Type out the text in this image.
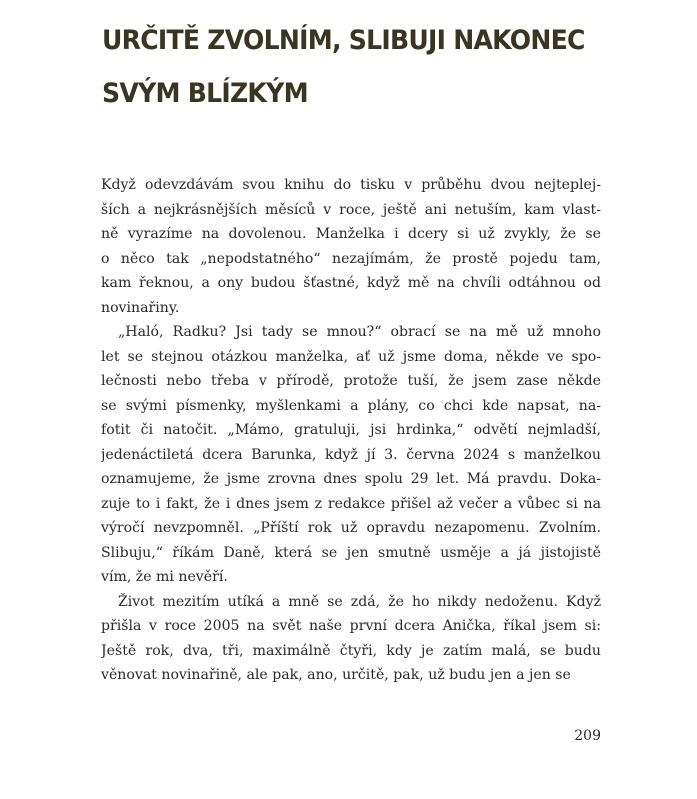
URČITĚ ZVOLNÍM, SLIBUJI NAKONEC
SVÝM BLÍZKÝM
Když odevzdávám svou knihu do tisku v průběhu dvou nejteplej-
ších a nejkrásnějších měsíců v roce, ještě ani netuším, kam vlast-
ně vyrazíme na dovolenou. Manželka i dcery si už zvykly, že se
o něco tak „nepodstatného“ nezajímám, že prostě pojedu tam,
kam řeknou, a ony budou šťastné, když mě na chvíli odtáhnou od
novinařiny.
„Haló, Radku? Jsi tady se mnou?“ obrací se na mě už mnoho
let se stejnou otázkou manželka, ať už jsme doma, někde ve spo-
lečnosti nebo třeba v přírodě, protože tuší, že jsem zase někde
se svými písmenky, myšlenkami a plány, co chci kde napsat, na-
fotit či natočit. „Mámo, gratuluji, jsi hrdinka,“ odvětí nejmladší,
jedenáctiletá dcera Barunka, když jí 3. června 2024 s manželkou
oznamujeme, že jsme zrovna dnes spolu 29 let. Má pravdu. Doka-
zuje to i fakt, že i dnes jsem z redakce přišel až večer a vůbec si na
výročí nevzpomněl. „Příští rok už opravdu nezapomenu. Zvolním.
Slibuju,“ říkám Daně, která se jen smutně usměje a já jistojistě
vím, že mi nevěří.
Život mezitím utíká a mně se zdá, že ho nikdy nedoženu. Když
přišla v roce 2005 na svět naše první dcera Anička, říkal jsem si:
Ještě rok, dva, tři, maximálně čtyři, kdy je zatím malá, se budu
věnovat novinařině, ale pak, ano, určitě, pak, už budu jen a jen se
209
